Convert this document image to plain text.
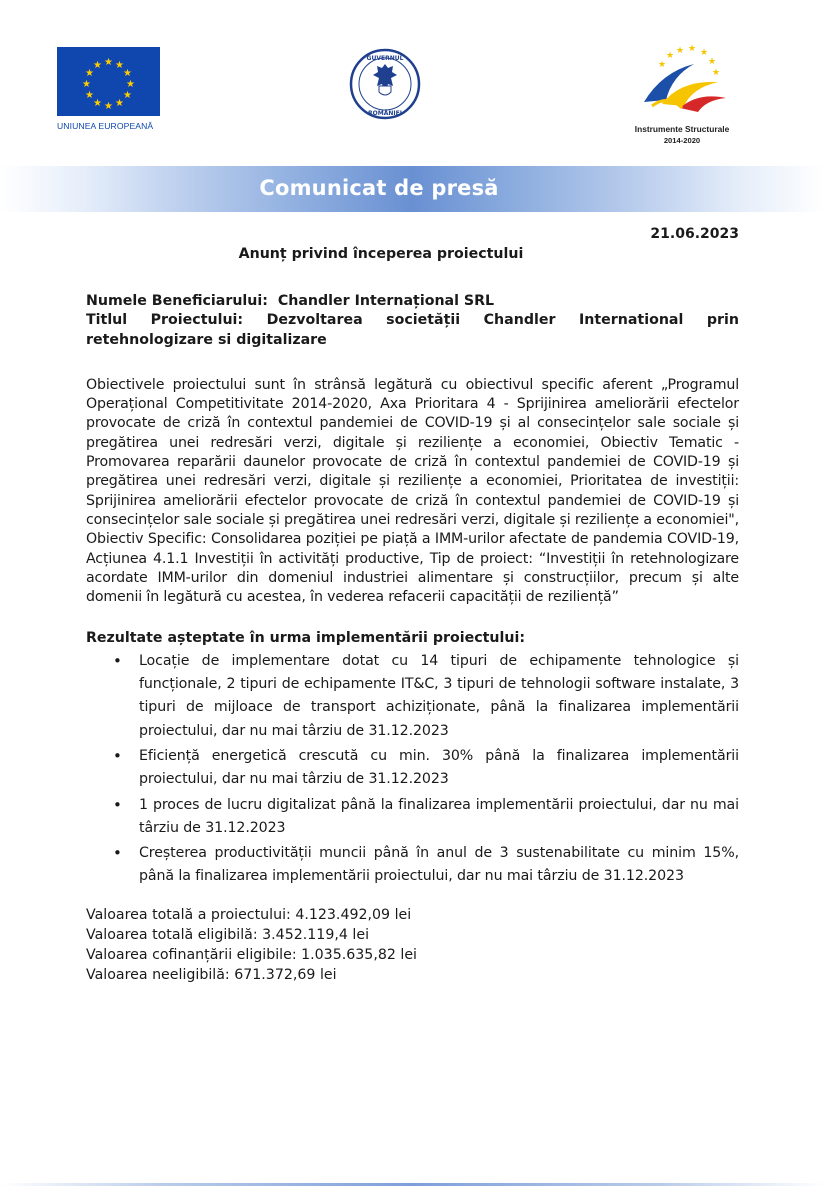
★ ★
★
★
★
★
★
★
★
★
★
★
UNIUNEA EUROPEANĂ
GUVERNUL
ROMÂNIEI
★ ★ ★
★
★
★
★
Instrumente Structurale
2014-2020
Comunicat de presă
21.06.2023
Anunț privind începerea proiectului

Numele Beneficiarului: Chandler Internațional SRL

Titlul Proiectului: Dezvoltarea societății Chandler International prin retehnologizare si digitalizare

Obiectivele proiectului sunt în strânsă legătură cu obiectivul specific aferent „Programul Operațional Competitivitate 2014-2020, Axa Prioritara 4 - Sprijinirea ameliorării efectelor provocate de criză în contextul pandemiei de COVID-19 și al consecințelor sale sociale și pregătirea unei redresări verzi, digitale și reziliențe a economiei, Obiectiv Tematic - Promovarea reparării daunelor provocate de criză în contextul pandemiei de COVID-19 și pregătirea unei redresări verzi, digitale și reziliențe a economiei, Prioritatea de investiții: Sprijinirea ameliorării efectelor provocate de criză în contextul pandemiei de COVID-19 și consecințelor sale sociale și pregătirea unei redresări verzi, digitale și reziliențe a economiei", Obiectiv Specific: Consolidarea poziției pe piață a IMM-urilor afectate de pandemia COVID-19, Acțiunea 4.1.1 Investiții în activități productive, Tip de proiect: “Investiții în retehnologizare acordate IMM-urilor din domeniul industriei alimentare și construcțiilor, precum și alte domenii în legătură cu acestea, în vederea refacerii capacității de reziliență”

Rezultate așteptate în urma implementării proiectului:

• Locație de implementare dotat cu 14 tipuri de echipamente tehnologice și funcționale, 2 tipuri de echipamente IT&C, 3 tipuri de tehnologii software instalate, 3 tipuri de mijloace de transport achiziționate, până la finalizarea implementării proiectului, dar nu mai târziu de 31.12.2023
• Eficiență energetică crescută cu min. 30% până la finalizarea implementării proiectului, dar nu mai târziu de 31.12.2023
• 1 proces de lucru digitalizat până la finalizarea implementării proiectului, dar nu mai târziu de 31.12.2023
• Creșterea productivității muncii până în anul de 3 sustenabilitate cu minim 15%, până la finalizarea implementării proiectului, dar nu mai târziu de 31.12.2023

Valoarea totală a proiectului: 4.123.492,09 lei

Valoarea totală eligibilă: 3.452.119,4 lei

Valoarea cofinanțării eligibile: 1.035.635,82 lei

Valoarea neeligibilă: 671.372,69 lei
